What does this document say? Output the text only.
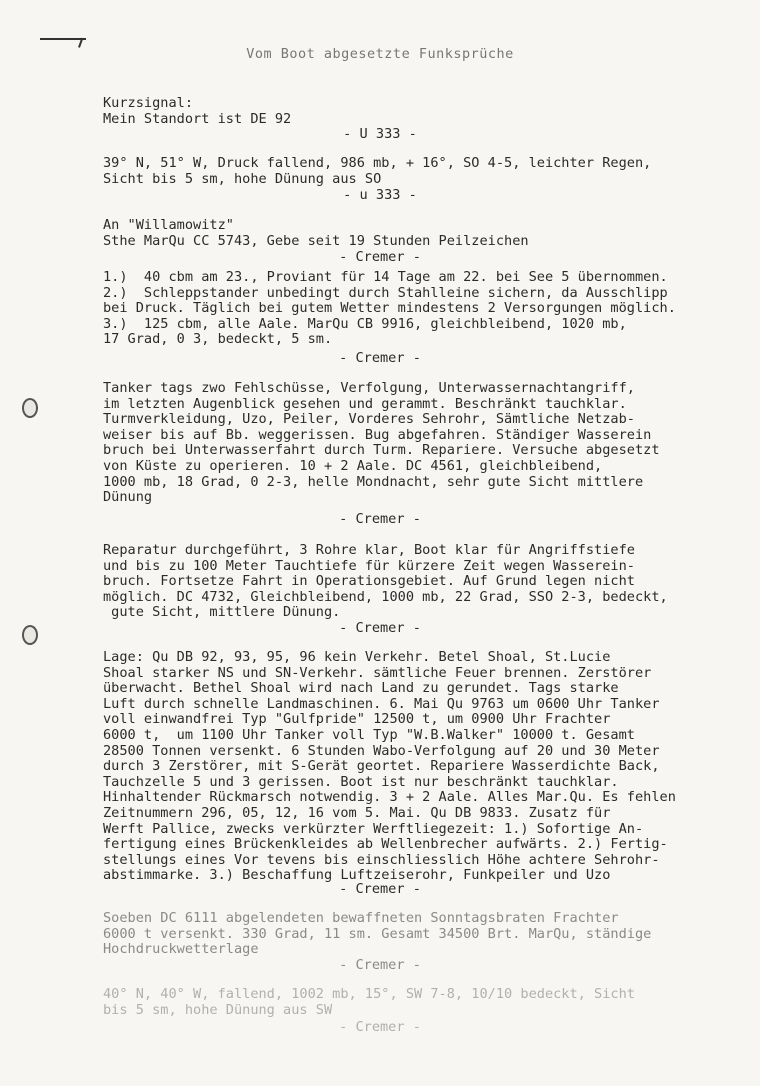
Vom Boot abgesetzte Funksprüche
Kurzsignal:
Mein Standort ist DE 92
- U 333 -
39° N, 51° W, Druck fallend, 986 mb, + 16°, SO 4-5, leichter Regen,
Sicht bis 5 sm, hohe Dünung aus SO
- u 333 -
An "Willamowitz"
Sthe MarQu CC 5743, Gebe seit 19 Stunden Peilzeichen
- Cremer -
1.)  40 cbm am 23., Proviant für 14 Tage am 22. bei See 5 übernommen.
2.)  Schleppstander unbedingt durch Stahlleine sichern, da Ausschlipp
bei Druck. Täglich bei gutem Wetter mindestens 2 Versorgungen möglich.
3.)  125 cbm, alle Aale. MarQu CB 9916, gleichbleibend, 1020 mb,
17 Grad, 0 3, bedeckt, 5 sm.
- Cremer -
Tanker tags zwo Fehlschüsse, Verfolgung, Unterwassernachtangriff,
im letzten Augenblick gesehen und gerammt. Beschränkt tauchklar.
Turmverkleidung, Uzo, Peiler, Vorderes Sehrohr, Sämtliche Netzab-
weiser bis auf Bb. weggerissen. Bug abgefahren. Ständiger Wasserein
bruch bei Unterwasserfahrt durch Turm. Repariere. Versuche abgesetzt
von Küste zu operieren. 10 + 2 Aale. DC 4561, gleichbleibend,
1000 mb, 18 Grad, 0 2-3, helle Mondnacht, sehr gute Sicht mittlere
Dünung
- Cremer -
Reparatur durchgeführt, 3 Rohre klar, Boot klar für Angriffstiefe
und bis zu 100 Meter Tauchtiefe für kürzere Zeit wegen Wasserein-
bruch. Fortsetze Fahrt in Operationsgebiet. Auf Grund legen nicht
möglich. DC 4732, Gleichbleibend, 1000 mb, 22 Grad, SSO 2-3, bedeckt,
gute Sicht, mittlere Dünung.
- Cremer -
Lage: Qu DB 92, 93, 95, 96 kein Verkehr. Betel Shoal, St.Lucie
Shoal starker NS und SN-Verkehr. sämtliche Feuer brennen. Zerstörer
überwacht. Bethel Shoal wird nach Land zu gerundet. Tags starke
Luft durch schnelle Landmaschinen. 6. Mai Qu 9763 um 0600 Uhr Tanker
voll einwandfrei Typ "Gulfpride" 12500 t, um 0900 Uhr Frachter
6000 t,  um 1100 Uhr Tanker voll Typ "W.B.Walker" 10000 t. Gesamt
28500 Tonnen versenkt. 6 Stunden Wabo-Verfolgung auf 20 und 30 Meter
durch 3 Zerstörer, mit S-Gerät geortet. Repariere Wasserdichte Back,
Tauchzelle 5 und 3 gerissen. Boot ist nur beschränkt tauchklar.
Hinhaltender Rückmarsch notwendig. 3 + 2 Aale. Alles Mar.Qu. Es fehlen
Zeitnummern 296, 05, 12, 16 vom 5. Mai. Qu DB 9833. Zusatz für
Werft Pallice, zwecks verkürzter Werftliegezeit: 1.) Sofortige An-
fertigung eines Brückenkleides ab Wellenbrecher aufwärts. 2.) Fertig-
stellungs eines Vor tevens bis einschliesslich Höhe achtere Sehrohr-
abstimmarke. 3.) Beschaffung Luftzeiserohr, Funkpeiler und Uzo
- Cremer -
Soeben DC 6111 abgelendeten bewaffneten Sonntagsbraten Frachter
6000 t versenkt. 330 Grad, 11 sm. Gesamt 34500 Brt. MarQu, ständige
Hochdruckwetterlage
- Cremer -
40° N, 40° W, fallend, 1002 mb, 15°, SW 7-8, 10/10 bedeckt, Sicht
bis 5 sm, hohe Dünung aus SW
- Cremer -
